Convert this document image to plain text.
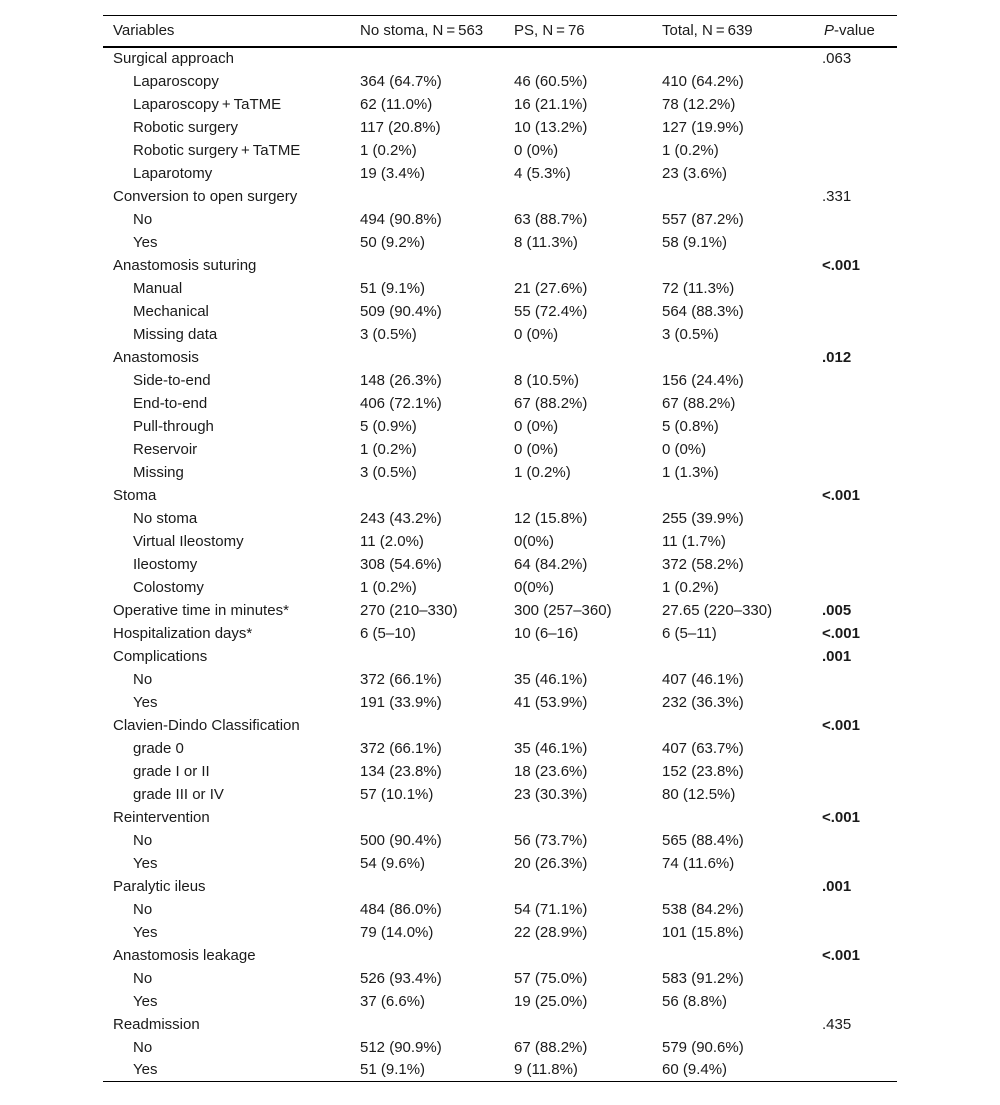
Variables	No stoma, N = 563	PS, N = 76	Total, N = 639	P-value
Surgical approach				.063
Laparoscopy	364 (64.7%)	46 (60.5%)	410 (64.2%)	
Laparoscopy + TaTME	62 (11.0%)	16 (21.1%)	78 (12.2%)	
Robotic surgery	117 (20.8%)	10 (13.2%)	127 (19.9%)	
Robotic surgery + TaTME	1 (0.2%)	0 (0%)	1 (0.2%)	
Laparotomy	19 (3.4%)	4 (5.3%)	23 (3.6%)	
Conversion to open surgery				.331
No	494 (90.8%)	63 (88.7%)	557 (87.2%)	
Yes	50 (9.2%)	8 (11.3%)	58 (9.1%)	
Anastomosis suturing				<.001
Manual	51 (9.1%)	21 (27.6%)	72 (11.3%)	
Mechanical	509 (90.4%)	55 (72.4%)	564 (88.3%)	
Missing data	3 (0.5%)	0 (0%)	3 (0.5%)	
Anastomosis				.012
Side-to-end	148 (26.3%)	8 (10.5%)	156 (24.4%)	
End-to-end	406 (72.1%)	67 (88.2%)	67 (88.2%)	
Pull-through	5 (0.9%)	0 (0%)	5 (0.8%)	
Reservoir	1 (0.2%)	0 (0%)	0 (0%)	
Missing	3 (0.5%)	1 (0.2%)	1 (1.3%)	
Stoma				<.001
No stoma	243 (43.2%)	12 (15.8%)	255 (39.9%)	
Virtual Ileostomy	11 (2.0%)	0(0%)	11 (1.7%)	
Ileostomy	308 (54.6%)	64 (84.2%)	372 (58.2%)	
Colostomy	1 (0.2%)	0(0%)	1 (0.2%)	
Operative time in minutes*	270 (210–330)	300 (257–360)	27.65 (220–330)	.005
Hospitalization days*	6 (5–10)	10 (6–16)	6 (5–11)	<.001
Complications				.001
No	372 (66.1%)	35 (46.1%)	407 (46.1%)	
Yes	191 (33.9%)	41 (53.9%)	232 (36.3%)	
Clavien-Dindo Classification				<.001
grade 0	372 (66.1%)	35 (46.1%)	407 (63.7%)	
grade I or II	134 (23.8%)	18 (23.6%)	152 (23.8%)	
grade III or IV	57 (10.1%)	23 (30.3%)	80 (12.5%)	
Reintervention				<.001
No	500 (90.4%)	56 (73.7%)	565 (88.4%)	
Yes	54 (9.6%)	20 (26.3%)	74 (11.6%)	
Paralytic ileus				.001
No	484 (86.0%)	54 (71.1%)	538 (84.2%)	
Yes	79 (14.0%)	22 (28.9%)	101 (15.8%)	
Anastomosis leakage				<.001
No	526 (93.4%)	57 (75.0%)	583 (91.2%)	
Yes	37 (6.6%)	19 (25.0%)	56 (8.8%)	
Readmission				.435
No	512 (90.9%)	67 (88.2%)	579 (90.6%)	
Yes	51 (9.1%)	9 (11.8%)	60 (9.4%)	
